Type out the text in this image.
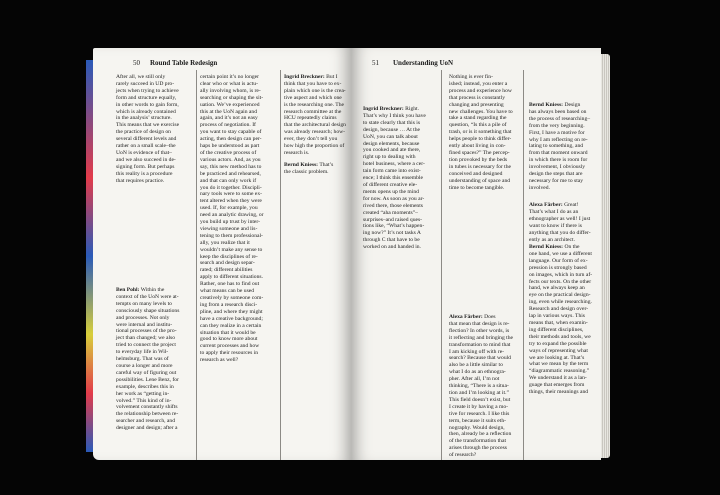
50 Round Table Redesign
After all, we still only
rarely succeed in UD pro-
jects when trying to achieve
form and structure equally,
in other words to gain form,
which is already contained
in the analysis’ structure.
This means that we exercise
the practice of design on
several different levels and
rather on a small scale–the
UoN is evidence of that–
and we also succeed in de-
signing form. But perhaps
this reality is a procedure
that requires practice.
Ben Pohl: Within the
context of the UoN were at-
tempts on many levels to
consciously shape situations
and processes. Not only
were internal and institu-
tional processes of the pro-
ject than changed; we also
tried to connect the project
to everyday life in Wil-
helmsburg. That was of
course a longer and more
careful way of figuring out
possibilities. Lene Benz, for
example, describes this in
her work as “getting in-
volved.” This kind of in-
volvement constantly shifts
the relationship between re-
searcher and research, and
designer and design; after a
certain point it’s no longer
clear who or what is actu-
ally involving whom, is re-
searching or shaping the sit-
uation. We’ve experienced
this at the UoN again and
again, and it’s not an easy
process of negotiation. If
you want to stay capable of
acting, then design can per-
haps be understood as part
of the creative process of
various actors. And, as you
say, this new method has to
be practiced and rehearsed,
and that can only work if
you do it together. Discipli-
nary tools were to some ex-
tent altered when they were
used. If, for example, you
need an analytic drawing, or
you build up trust by inter-
viewing someone and lis-
tening to them professional-
ally, you realize that it
wouldn’t make any sense to
keep the disciplines of re-
search and design separ-
rated; different abilities
apply to different situations.
Rather, one has to find out
what means can be used
creatively by someone com-
ing from a research disci-
pline, and where they might
have a creative background;
can they realize in a certain
situation that it would be
good to know more about
current processes and how
to apply their resources in
research as well?
Ingrid Breckner: But I
think that you have to ex-
plain which one is the crea-
tive aspect and which one
is the researching one. The
research committee at the
HCU repeatedly claims
that the architectural design
was already research; how-
ever, they don’t tell you
how high the proportion of
research is.
Bernd Kniess: That’s
the classic problem.
51 Understanding UoN
Ingrid Breckner: Right.
That’s why I think you have
to state clearly that this is
design, because … At the
UoN, you can talk about
design elements, because
you cooked and ate there,
right up to dealing with
hotel business, where a cer-
tain form came into exist-
ence; I think this ensemble
of different creative ele-
ments opens up the mind
for now. As soon as you ar-
rived there, those elements
created “aha moments”–
surprises–and raised ques-
tions like, “What’s happen-
ing now?” It’s not tasks A
through C that have to be
worked on and handed in.
Nothing is ever fin-
ished; instead, you enter a
process and experience how
that process is constantly
changing and presenting
new challenges. You have to
take a stand regarding the
question, “Is this a pile of
trash, or is it something that
helps people to think differ-
ently about living in con-
fined spaces?” The percep-
tion provoked by the beds
in tubes is necessary for the
conceived and designed
understanding of space and
time to become tangible.
Alexa Färber: Does
that mean that design is re-
flection? In other words, is
it reflecting and bringing the
transformation to mind that
I am kicking off with re-
search? Because that would
also be a little similar to
what I do as an ethnogra-
pher. After all, I’m not
thinking, “There is a situa-
tion and I’m looking at it.”
This field doesn’t exist, but
I create it by having a mo-
tive for research. I like this
term, because it suits eth-
nography. Would design,
then, already be a reflection
of the transformation that
arises through the process
of research?
Bernd Kniess: Design
has always been based on
the process of researching–
from the very beginning.
First, I have a motive for
why I am reflecting on re-
lating to something, and
from that moment onward
in which there is room for
involvement, I obviously
design the steps that are
necessary for me to stay
involved.
Alexa Färber: Great!
That’s what I do as an
ethnographer as well! I just
want to know if there is
anything that you do differ-
ently as an architect.
Bernd Kniess: On the
one hand, we use a different
language. Our form of ex-
pression is strongly based
on images, which in turn af-
fects our texts. On the other
hand, we always keep an
eye on the practical design-
ing, even while researching.
Research and design over-
lap in various ways. This
means that, when examin-
ing different disciplines,
their methods and tools, we
try to expand the possible
ways of representing what
we are looking at. That’s
what we mean by the term
“diagrammatic reasoning.”
We understand it as a lan-
guage that emerges from
things, their meanings and
